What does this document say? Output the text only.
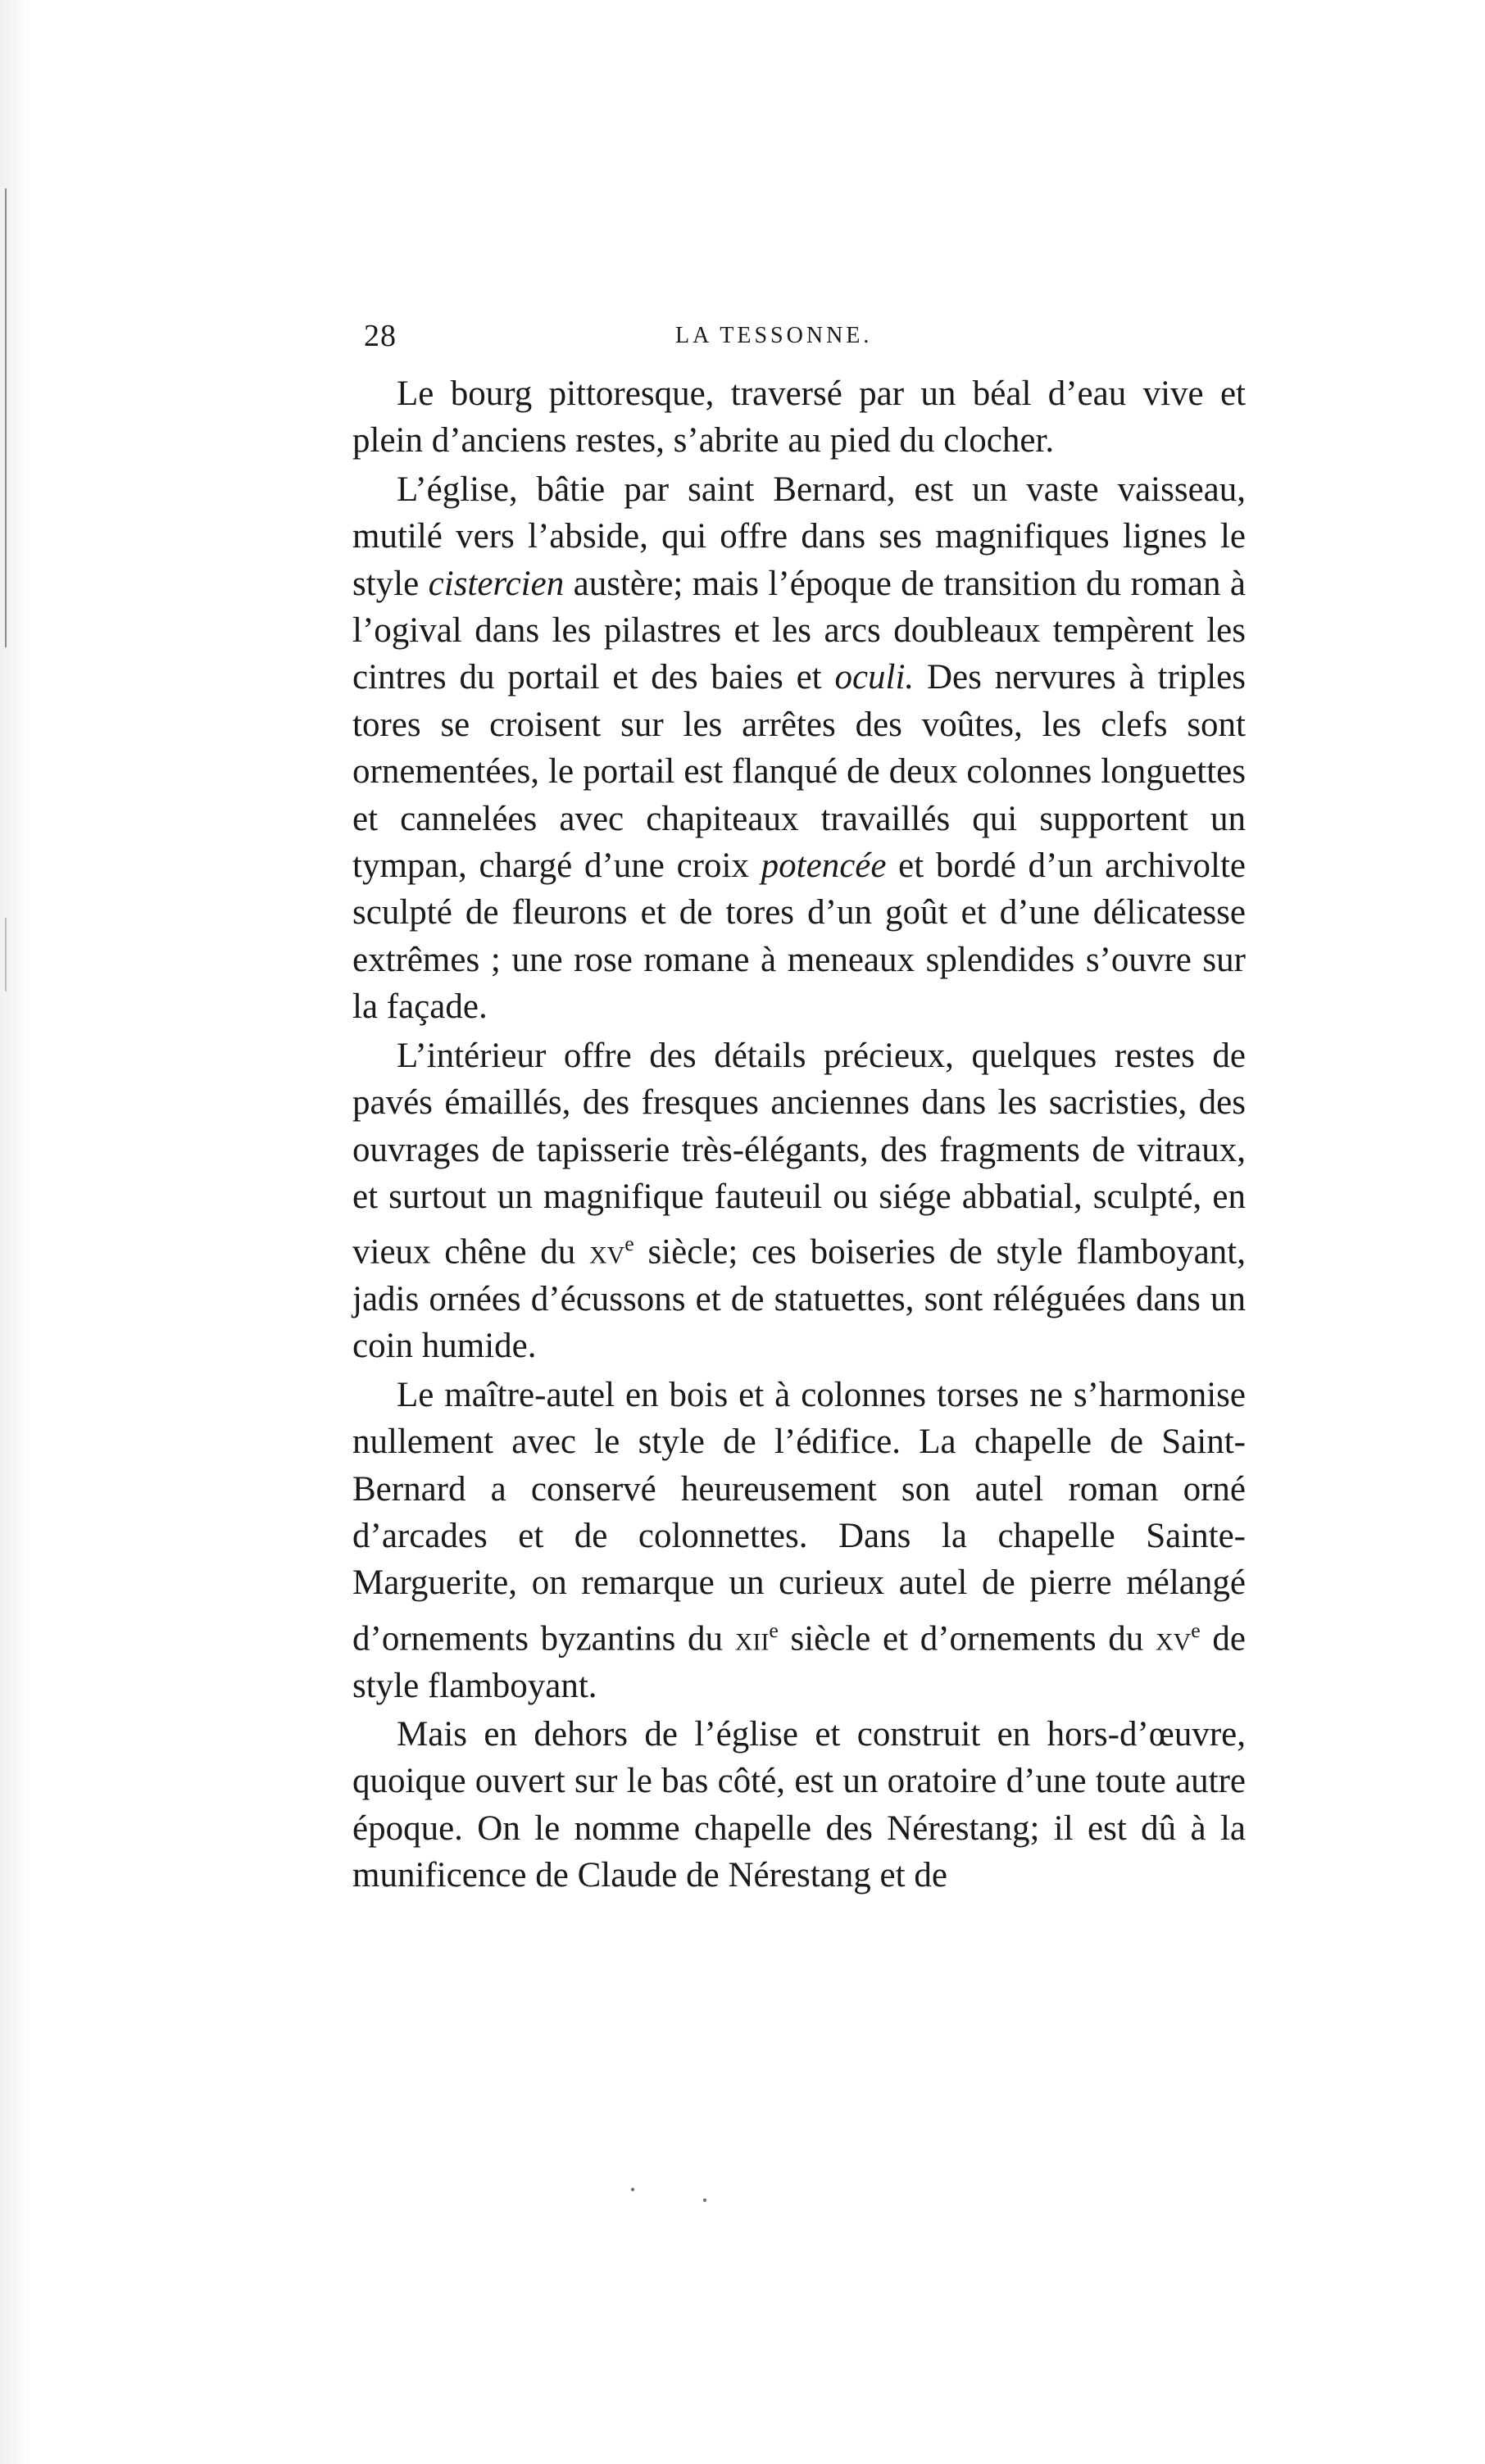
28	LA TESSONNE.

Le bourg pittoresque, traversé par un béal d’eau vive et plein d’anciens restes, s’abrite au pied du clocher.

L’église, bâtie par saint Bernard, est un vaste vaisseau, mutilé vers l’abside, qui offre dans ses magnifiques lignes le style cistercien austère; mais l’époque de transition du roman à l’ogival dans les pilastres et les arcs doubleaux tempèrent les cintres du portail et des baies et oculi. Des nervures à triples tores se croisent sur les arrêtes des voûtes, les clefs sont ornementées, le portail est flanqué de deux colonnes longuettes et cannelées avec chapiteaux travaillés qui supportent un tympan, chargé d’une croix potencée et bordé d’un archivolte sculpté de fleurons et de tores d’un goût et d’une délicatesse extrêmes ; une rose romane à meneaux splendides s’ouvre sur la façade.

L’intérieur offre des détails précieux, quelques restes de pavés émaillés, des fresques anciennes dans les sacristies, des ouvrages de tapisserie très-élégants, des fragments de vitraux, et surtout un magnifique fauteuil ou siége abbatial, sculpté, en vieux chêne du $xv^e$ siècle; ces boiseries de style flamboyant, jadis ornées d’écussons et de statuettes, sont réléguées dans un coin humide.

Le maître-autel en bois et à colonnes torses ne s’harmonise nullement avec le style de l’édifice. La chapelle de Saint-Bernard a conservé heureusement son autel roman orné d’arcades et de colonnettes. Dans la chapelle Sainte-Marguerite, on remarque un curieux autel de pierre mélangé d’ornements byzantins du xii$^e$ siècle et d’ornements du $xv^e$ de style flamboyant.

Mais en dehors de l’église et construit en hors-d’œuvre, quoique ouvert sur le bas côté, est un oratoire d’une toute autre époque. On le nomme chapelle des Nérestang; il est dû à la munificence de Claude de Nérestang et de
